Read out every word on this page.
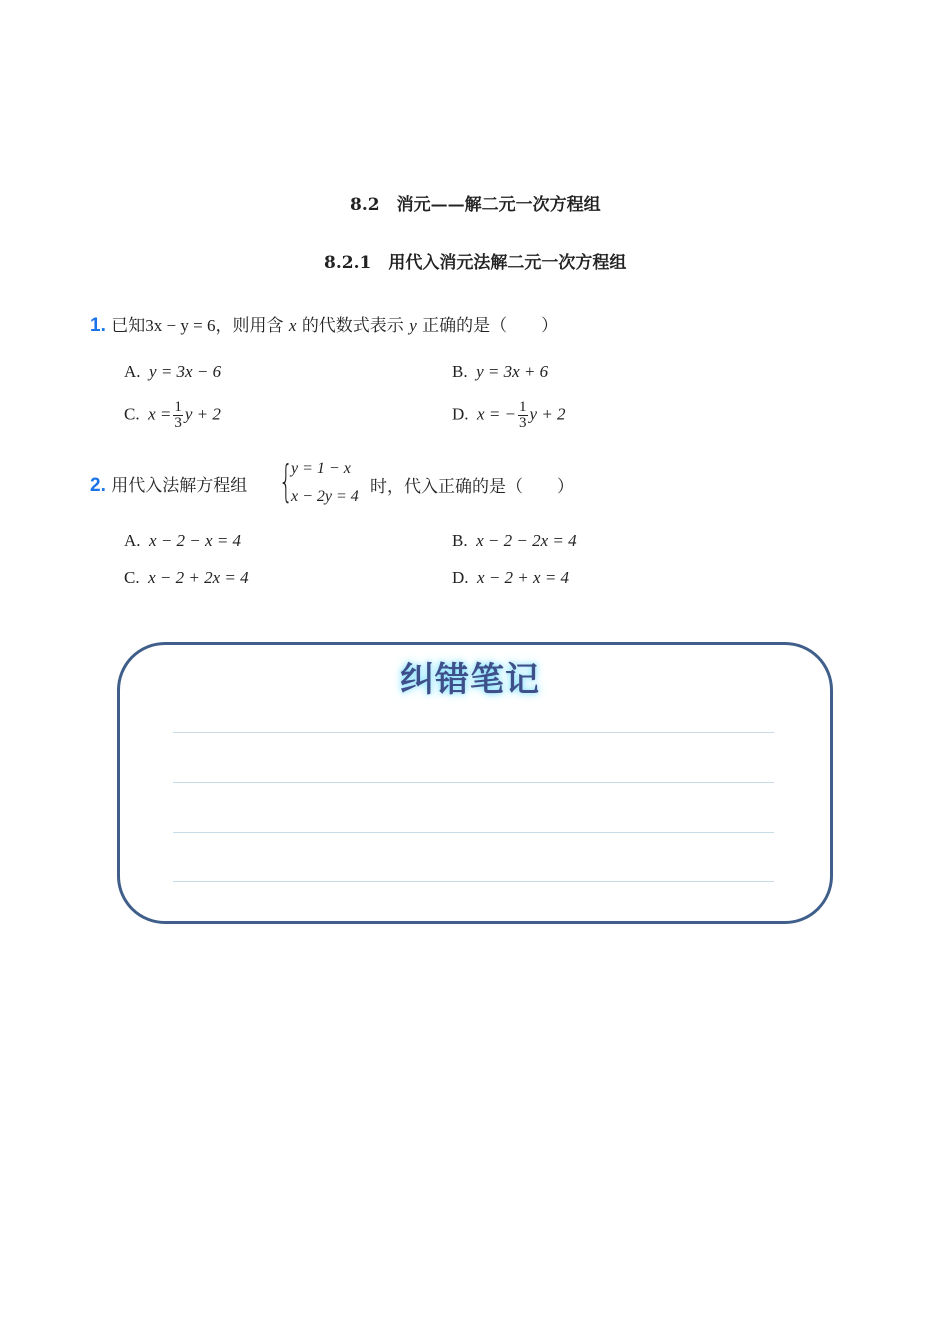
8.2　消元——解二元一次方程组
8.2.1　用代入消元法解二元一次方程组
1. 已知3x − y = 6，则用含 x 的代数式表示 y 正确的是（　　）
A. y = 3x − 6	B. y = 3x + 6
C. $x = \frac{1}{3}$ y + 2	D. x = − $\frac{1}{3}$ y + 2
2. 用代入法解方程组 {
y = 1 − x
x − 2y = 4 时，代入正确的是（　　）
A. x − 2 − x = 4	B. x − 2 − 2x = 4
C. x − 2 + 2x = 4	D. x − 2 + x = 4
纠错笔记
